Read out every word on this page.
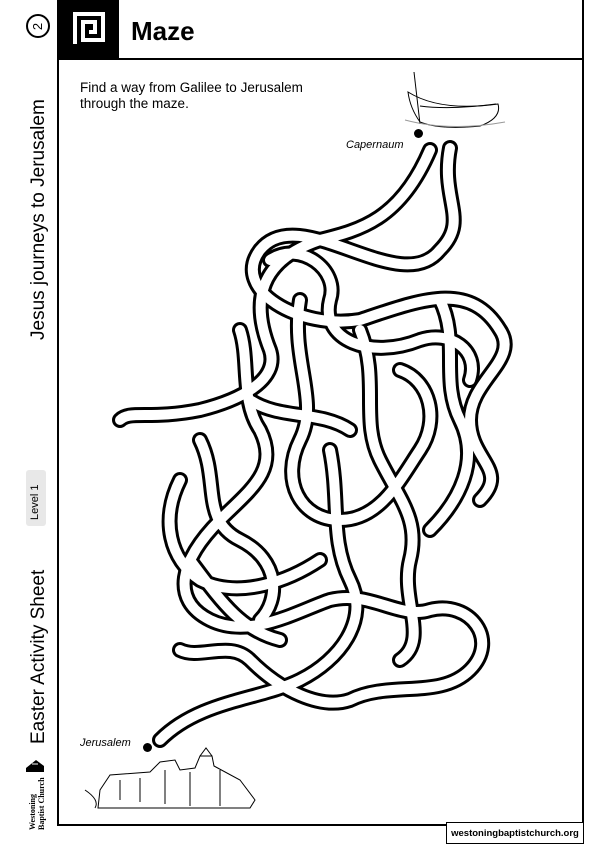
2
Jesus journeys to Jerusalem
Level 1
Easter Activity Sheet
Westoning Baptist Church
Maze
Find a way from Galilee to Jerusalem
through the maze.
Capernaum
Jerusalem
westoningbaptistchurch.org
